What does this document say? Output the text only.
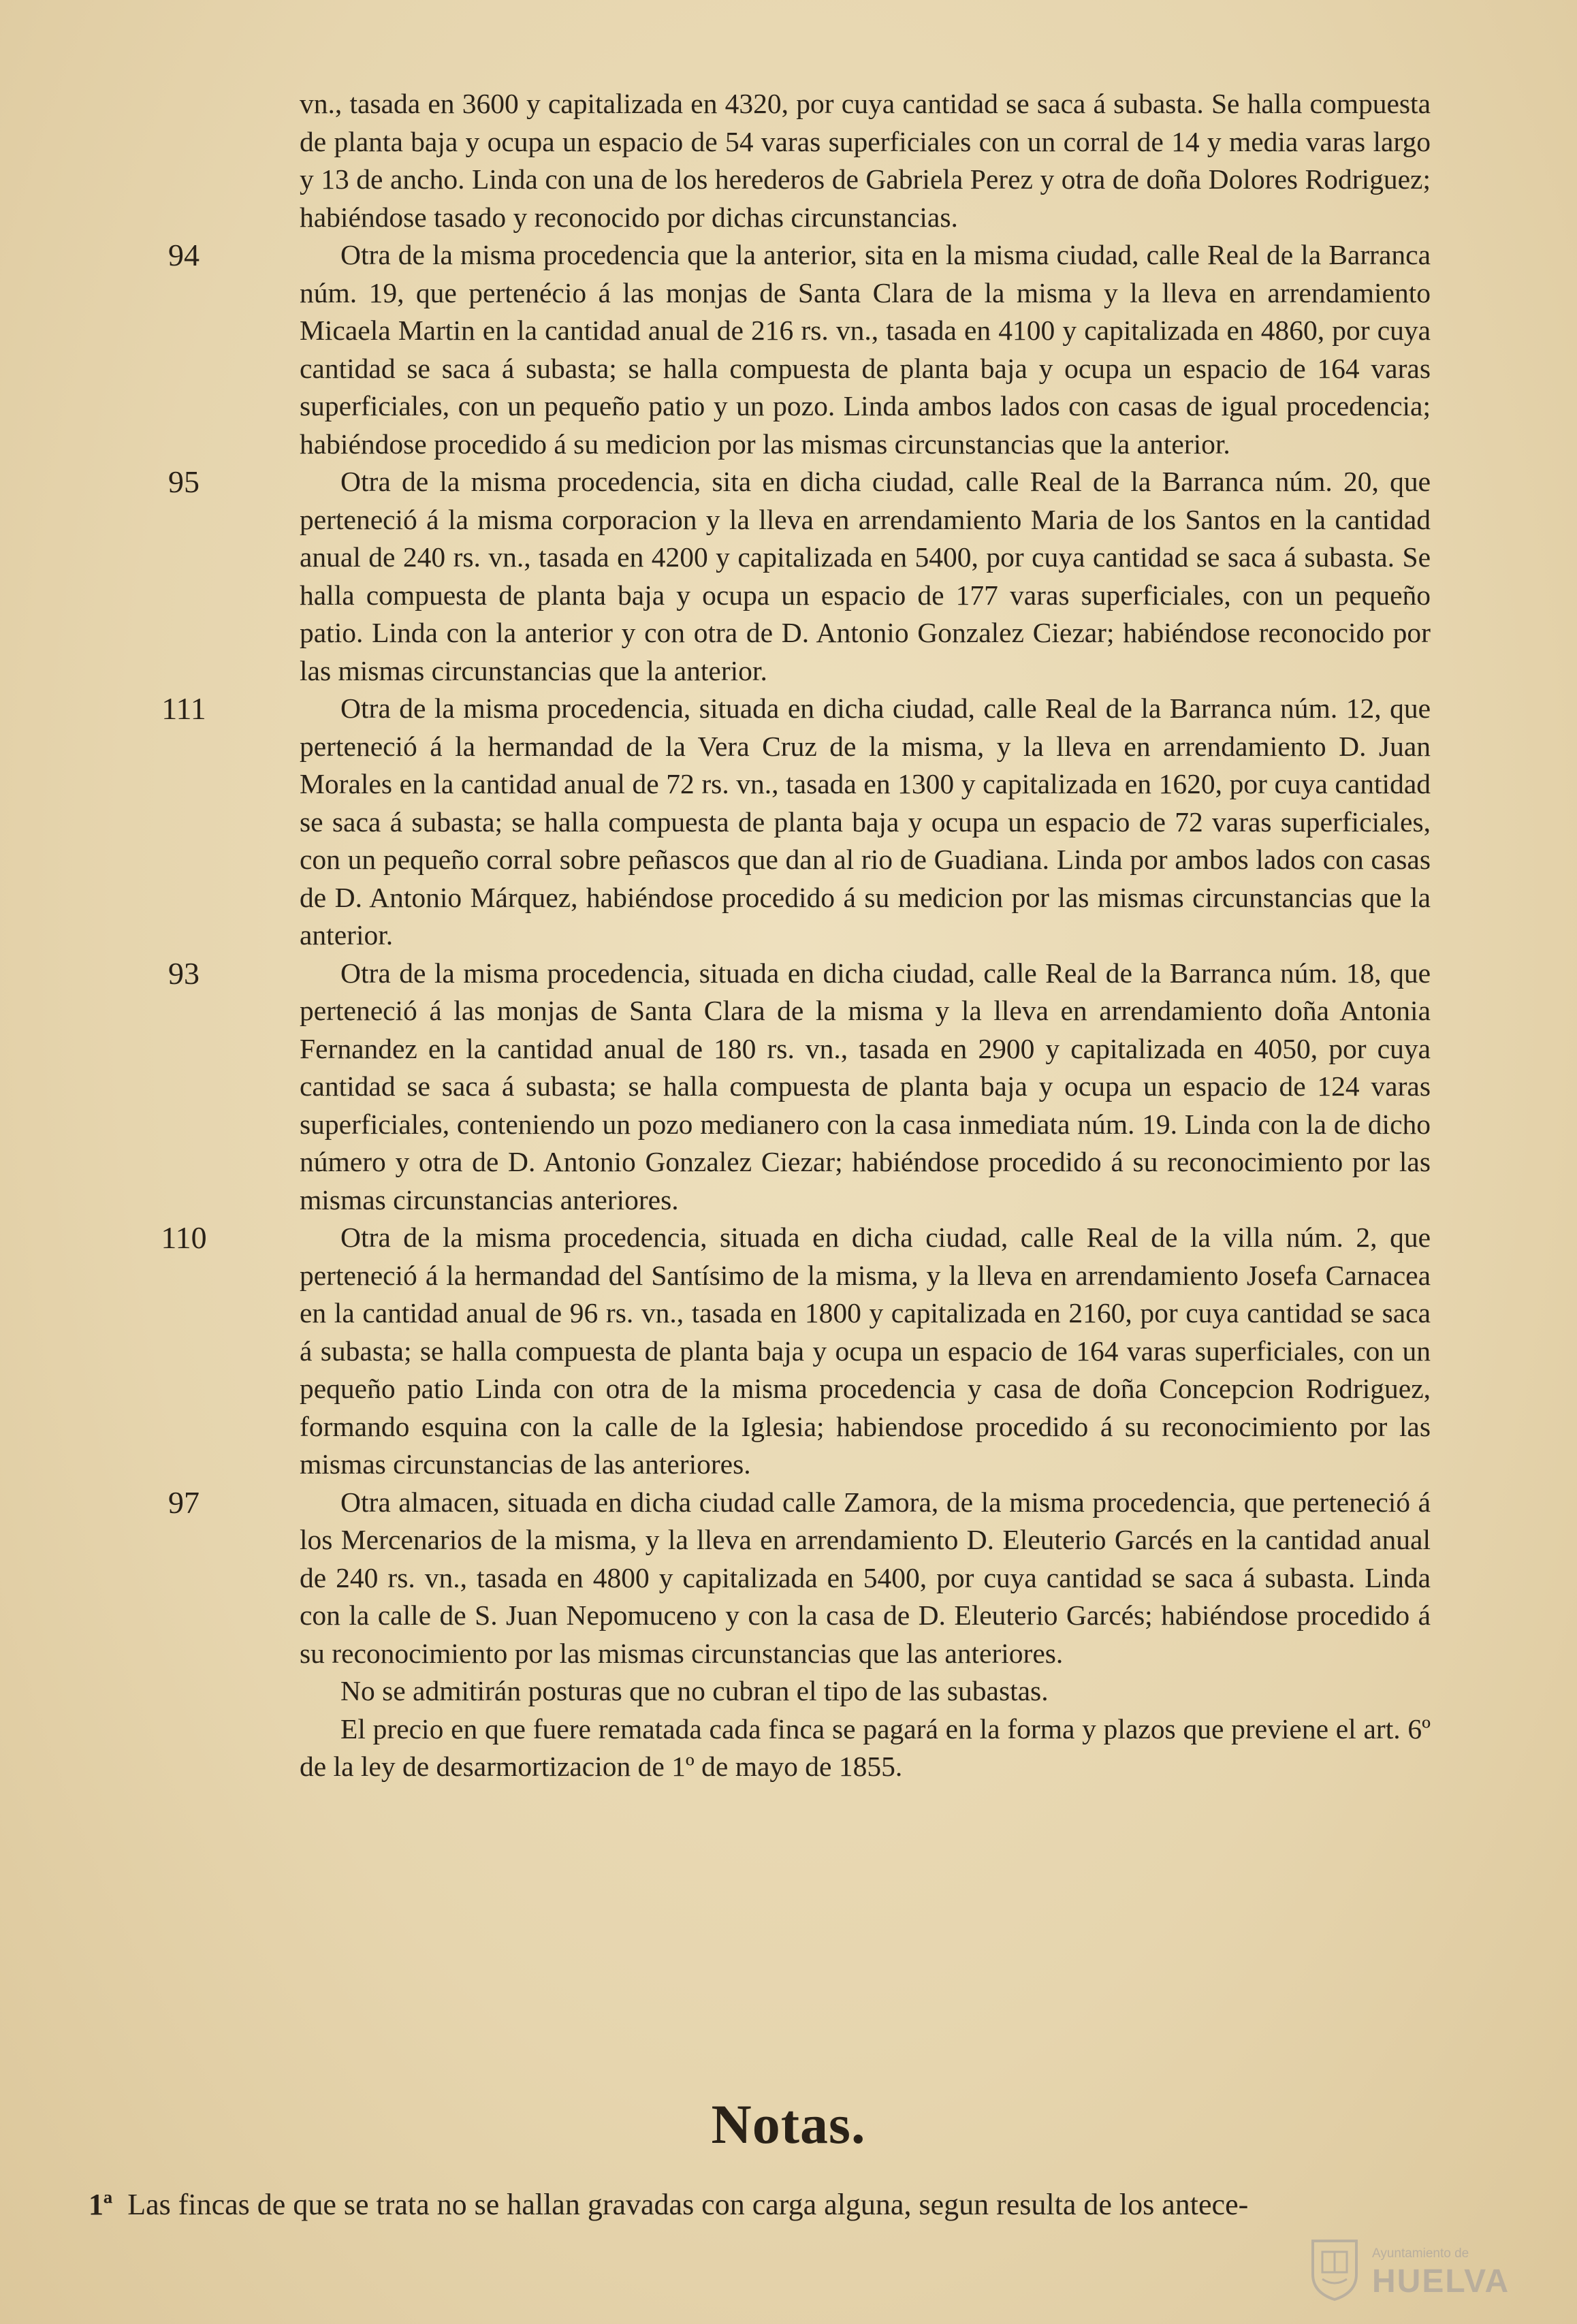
vn., tasada en 3600 y capitalizada en 4320, por cuya cantidad se saca á subasta. Se halla compuesta de planta baja y ocupa un espacio de 54 varas superficiales con un corral de 14 y media varas largo y 13 de ancho. Linda con una de los herederos de Gabriela Perez y otra de doña Dolores Rodriguez; habiéndose tasado y reconocido por dichas circunstancias.

94	Otra de la misma procedencia que la anterior, sita en la misma ciudad, calle Real de la Barranca núm. 19, que pertenécio á las monjas de Santa Clara de la misma y la lleva en arrendamiento Micaela Martin en la cantidad anual de 216 rs. vn., tasada en 4100 y capitalizada en 4860, por cuya cantidad se saca á subasta; se halla compuesta de planta baja y ocupa un espacio de 164 varas superficiales, con un pequeño patio y un pozo. Linda ambos lados con casas de igual procedencia; habiéndose procedido á su medicion por las mismas circunstancias que la anterior.

95	Otra de la misma procedencia, sita en dicha ciudad, calle Real de la Barranca núm. 20, que perteneció á la misma corporacion y la lleva en arrendamiento Maria de los Santos en la cantidad anual de 240 rs. vn., tasada en 4200 y capitalizada en 5400, por cuya cantidad se saca á subasta. Se halla compuesta de planta baja y ocupa un espacio de 177 varas superficiales, con un pequeño patio. Linda con la anterior y con otra de D. Antonio Gonzalez Ciezar; habiéndose reconocido por las mismas circunstancias que la anterior.

111	Otra de la misma procedencia, situada en dicha ciudad, calle Real de la Barranca núm. 12, que perteneció á la hermandad de la Vera Cruz de la misma, y la lleva en arrendamiento D. Juan Morales en la cantidad anual de 72 rs. vn., tasada en 1300 y capitalizada en 1620, por cuya cantidad se saca á subasta; se halla compuesta de planta baja y ocupa un espacio de 72 varas superficiales, con un pequeño corral sobre peñascos que dan al rio de Guadiana. Linda por ambos lados con casas de D. Antonio Márquez, habiéndose procedido á su medicion por las mismas circunstancias que la anterior.

93	Otra de la misma procedencia, situada en dicha ciudad, calle Real de la Barranca núm. 18, que perteneció á las monjas de Santa Clara de la misma y la lleva en arrendamiento doña Antonia Fernandez en la cantidad anual de 180 rs. vn., tasada en 2900 y capitalizada en 4050, por cuya cantidad se saca á subasta; se halla compuesta de planta baja y ocupa un espacio de 124 varas superficiales, conteniendo un pozo medianero con la casa inmediata núm. 19. Linda con la de dicho número y otra de D. Antonio Gonzalez Ciezar; habiéndose procedido á su reconocimiento por las mismas circunstancias anteriores.

110	Otra de la misma procedencia, situada en dicha ciudad, calle Real de la villa núm. 2, que perteneció á la hermandad del Santísimo de la misma, y la lleva en arrendamiento Josefa Carnacea en la cantidad anual de 96 rs. vn., tasada en 1800 y capitalizada en 2160, por cuya cantidad se saca á subasta; se halla compuesta de planta baja y ocupa un espacio de 164 varas superficiales, con un pequeño patio Linda con otra de la misma procedencia y casa de doña Concepcion Rodriguez, formando esquina con la calle de la Iglesia; habiendose procedido á su reconocimiento por las mismas circunstancias de las anteriores.

97	Otra almacen, situada en dicha ciudad calle Zamora, de la misma procedencia, que perteneció á los Mercenarios de la misma, y la lleva en arrendamiento D. Eleuterio Garcés en la cantidad anual de 240 rs. vn., tasada en 4800 y capitalizada en 5400, por cuya cantidad se saca á subasta. Linda con la calle de S. Juan Nepomuceno y con la casa de D. Eleuterio Garcés; habiéndose procedido á su reconocimiento por las mismas circunstancias que las anteriores.

No se admitirán posturas que no cubran el tipo de las subastas.

El precio en que fuere rematada cada finca se pagará en la forma y plazos que previene el art. 6º de la ley de desarmortizacion de 1º de mayo de 1855.

Notas.
1ª Las fincas de que se trata no se hallan gravadas con carga alguna, segun resulta de los antece-
Ayuntamiento de
HUELVA
